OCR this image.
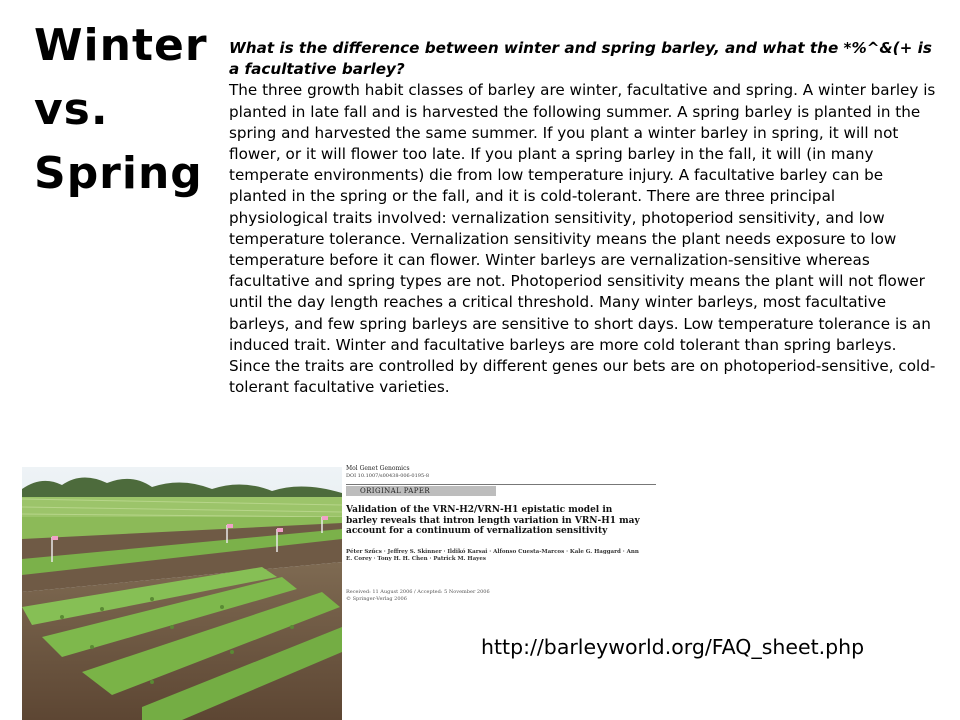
Winter
vs.
Spring
What is the difference between winter and spring barley, and what the *%^&(+ is a facultative barley?
The three growth habit classes of barley are winter, facultative and spring. A winter barley is planted in late fall and is harvested the following summer. A spring barley is planted in the spring and harvested the same summer. If you plant a winter barley in spring, it will not flower, or it will flower too late. If you plant a spring barley in the fall, it will (in many temperate environments) die from low temperature injury. A facultative barley can be planted in the spring or the fall, and it is cold-tolerant. There are three principal physiological traits involved: vernalization sensitivity, photoperiod sensitivity, and low temperature tolerance. Vernalization sensitivity means the plant needs exposure to low temperature before it can flower. Winter barleys are vernalization-sensitive whereas facultative and spring types are not. Photoperiod sensitivity means the plant will not flower until the day length reaches a critical threshold. Many winter barleys, most facultative barleys, and few spring barleys are sensitive to short days. Low temperature tolerance is an induced trait. Winter and facultative barleys are more cold tolerant than spring barleys. Since the traits are controlled by different genes our bets are on photoperiod-sensitive, cold-tolerant facultative varieties.
Mol Genet Genomics
DOI 10.1007/s00438-006-0195-8
ORIGINAL PAPER
Validation of the VRN-H2/VRN-H1 epistatic model in barley reveals that intron length variation in VRN-H1 may account for a continuum of vernalization sensitivity
Péter Szűcs · Jeffrey S. Skinner · Ildikó Karsai · Alfonso Cuesta-Marcos · Kale G. Haggard · Ann E. Corey · Tony H. H. Chen · Patrick M. Hayes
Received: 11 August 2006 / Accepted: 5 November 2006
© Springer-Verlag 2006
http://barleyworld.org/FAQ_sheet.php
